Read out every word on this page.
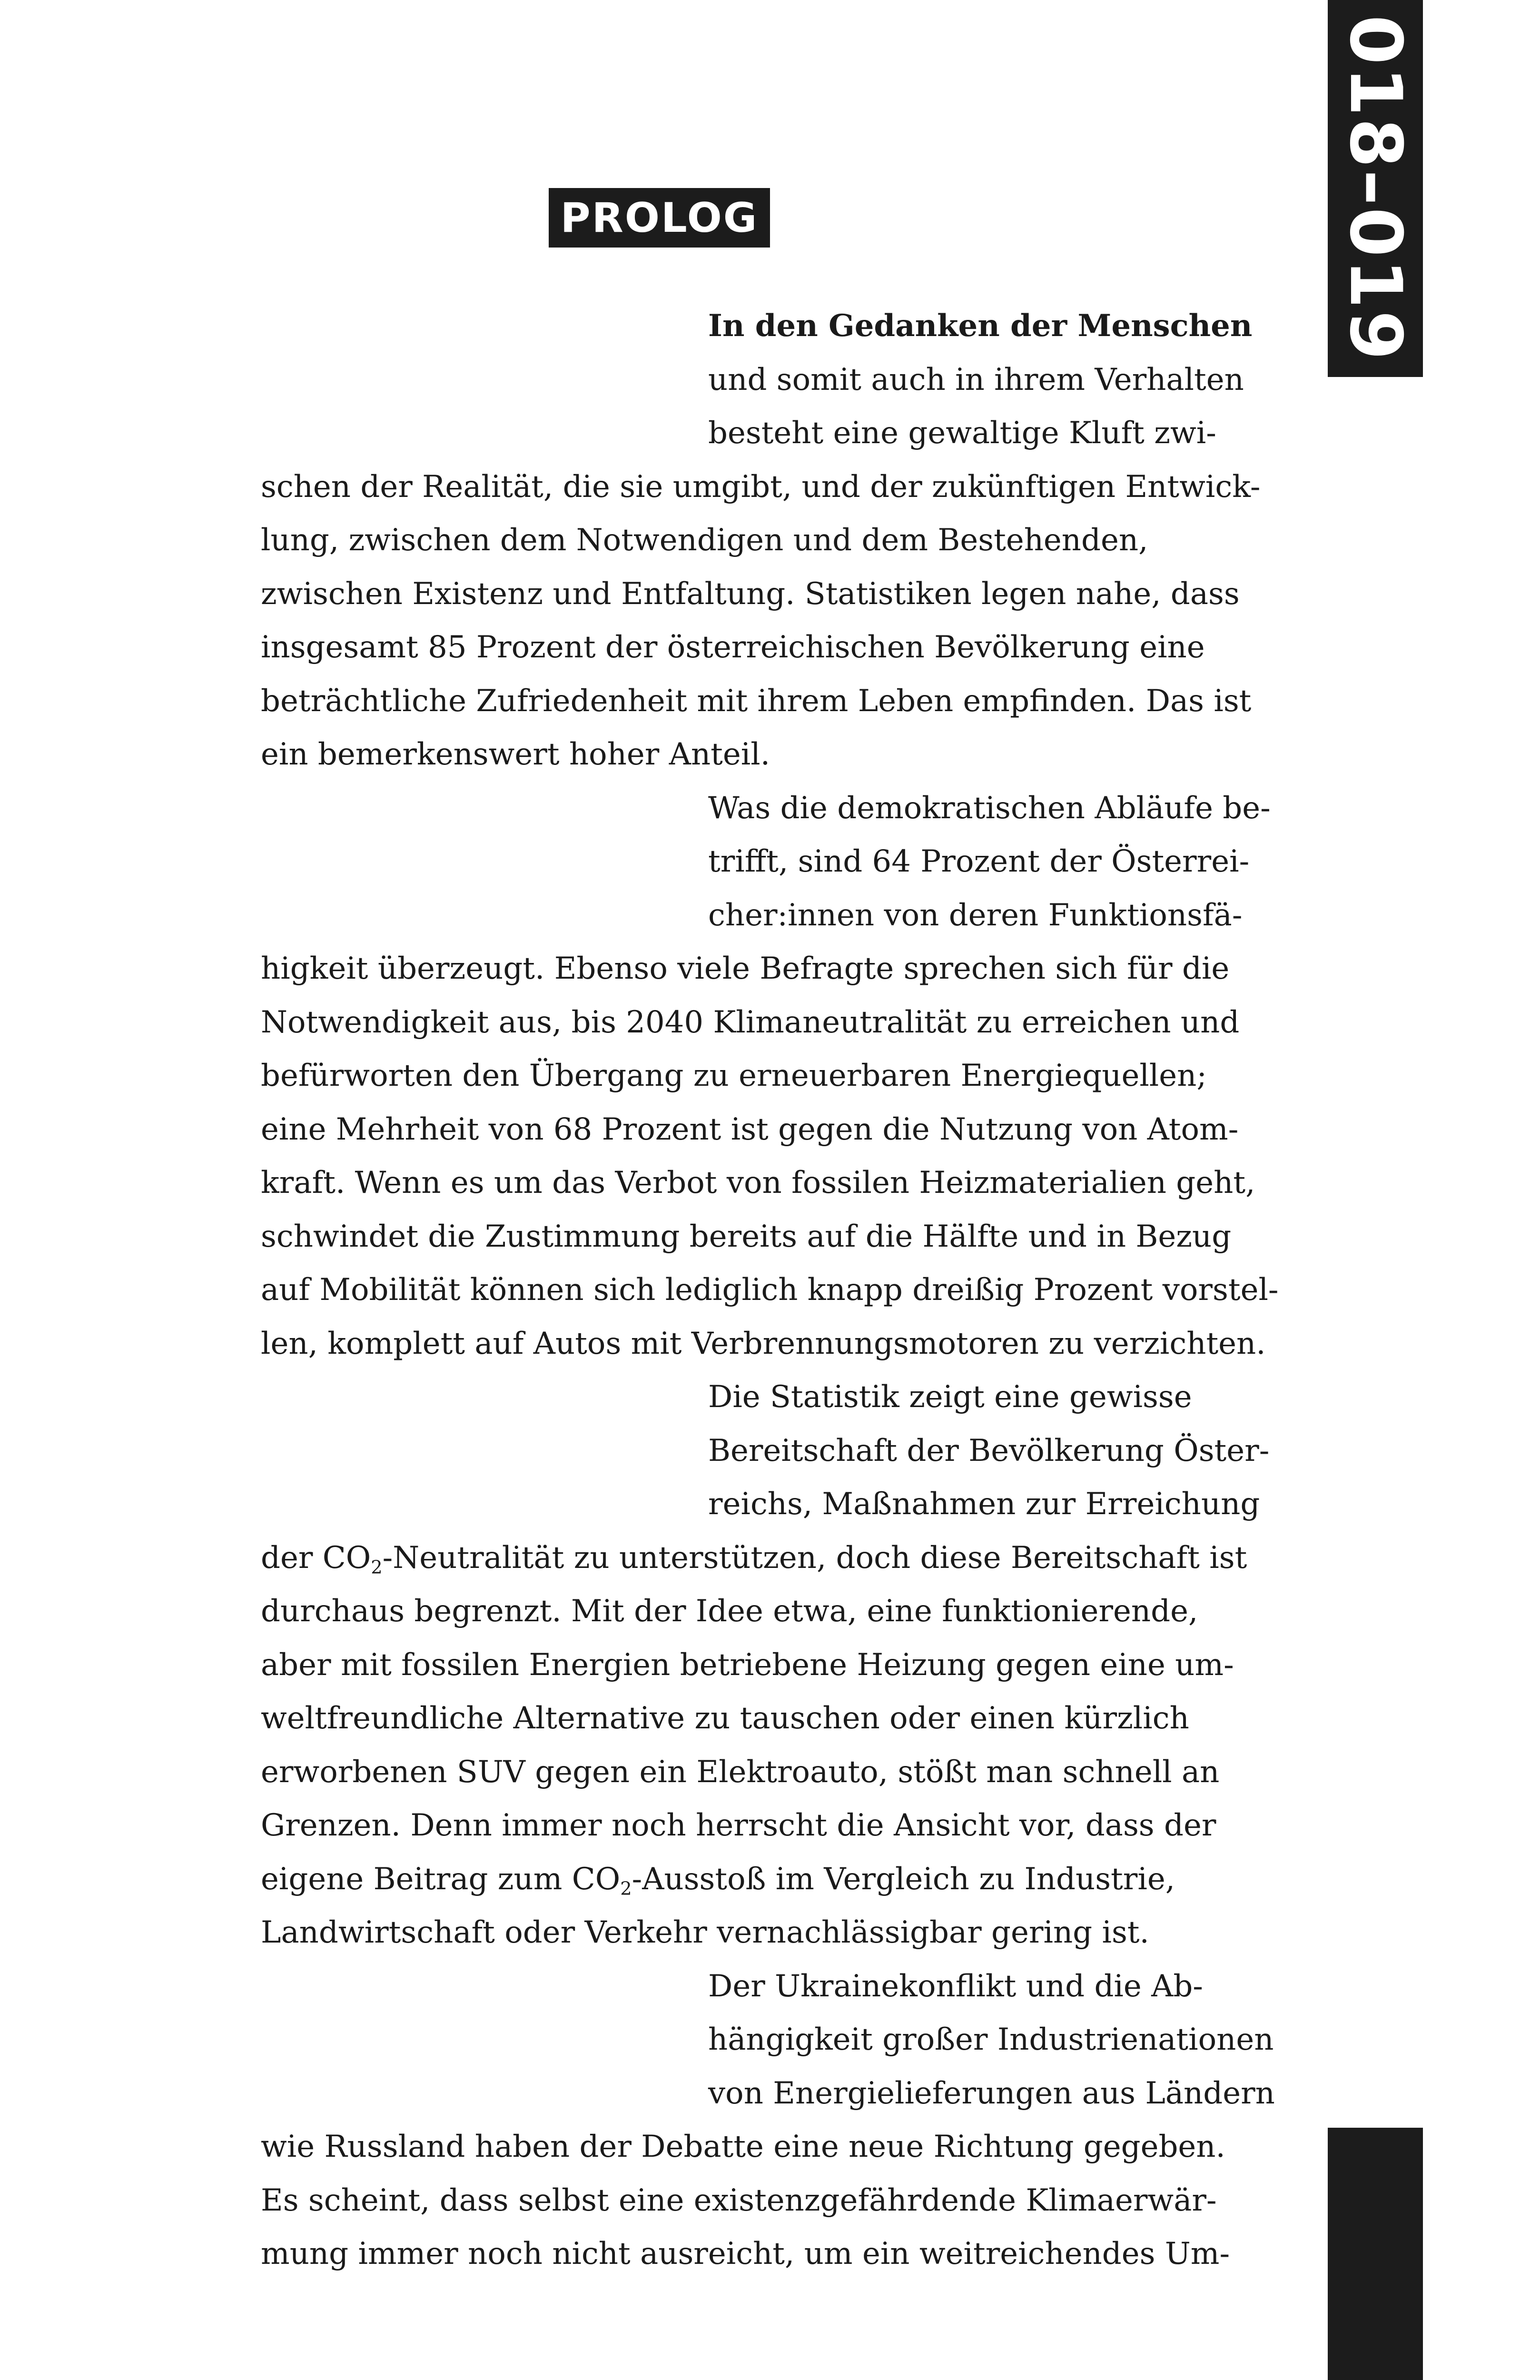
018–019
PROLOG
In den Gedanken der Menschen
und somit auch in ihrem Verhalten
besteht eine gewaltige Kluft zwi-
schen der Realität, die sie umgibt, und der zukünftigen Entwick-
lung, zwischen dem Notwendigen und dem Bestehenden,
zwischen Existenz und Entfaltung. Statistiken legen nahe, dass
insgesamt 85 Prozent der österreichischen Bevölkerung eine
beträchtliche Zufriedenheit mit ihrem Leben empfinden. Das ist
ein bemerkenswert hoher Anteil.
Was die demokratischen Abläufe be-
trifft, sind 64 Prozent der Österrei-
cher:innen von deren Funktionsfä-
higkeit überzeugt. Ebenso viele Befragte sprechen sich für die
Notwendigkeit aus, bis 2040 Klimaneutralität zu erreichen und
befürworten den Übergang zu erneuerbaren Energiequellen;
eine Mehrheit von 68 Prozent ist gegen die Nutzung von Atom-
kraft. Wenn es um das Verbot von fossilen Heizmaterialien geht,
schwindet die Zustimmung bereits auf die Hälfte und in Bezug
auf Mobilität können sich lediglich knapp dreißig Prozent vorstel-
len, komplett auf Autos mit Verbrennungsmotoren zu verzichten.
Die Statistik zeigt eine gewisse
Bereitschaft der Bevölkerung Öster-
reichs, Maßnahmen zur Erreichung
der $CO_2$-Neutralität zu unterstützen, doch diese Bereitschaft ist
durchaus begrenzt. Mit der Idee etwa, eine funktionierende,
aber mit fossilen Energien betriebene Heizung gegen eine um-
weltfreundliche Alternative zu tauschen oder einen kürzlich
erworbenen SUV gegen ein Elektroauto, stößt man schnell an
Grenzen. Denn immer noch herrscht die Ansicht vor, dass der
eigene Beitrag zum $CO_2$-Ausstoß im Vergleich zu Industrie,
Landwirtschaft oder Verkehr vernachlässigbar gering ist.
Der Ukrainekonflikt und die Ab-
hängigkeit großer Industrienationen
von Energielieferungen aus Ländern
wie Russland haben der Debatte eine neue Richtung gegeben.
Es scheint, dass selbst eine existenzgefährdende Klimaerwär-
mung immer noch nicht ausreicht, um ein weitreichendes Um-
